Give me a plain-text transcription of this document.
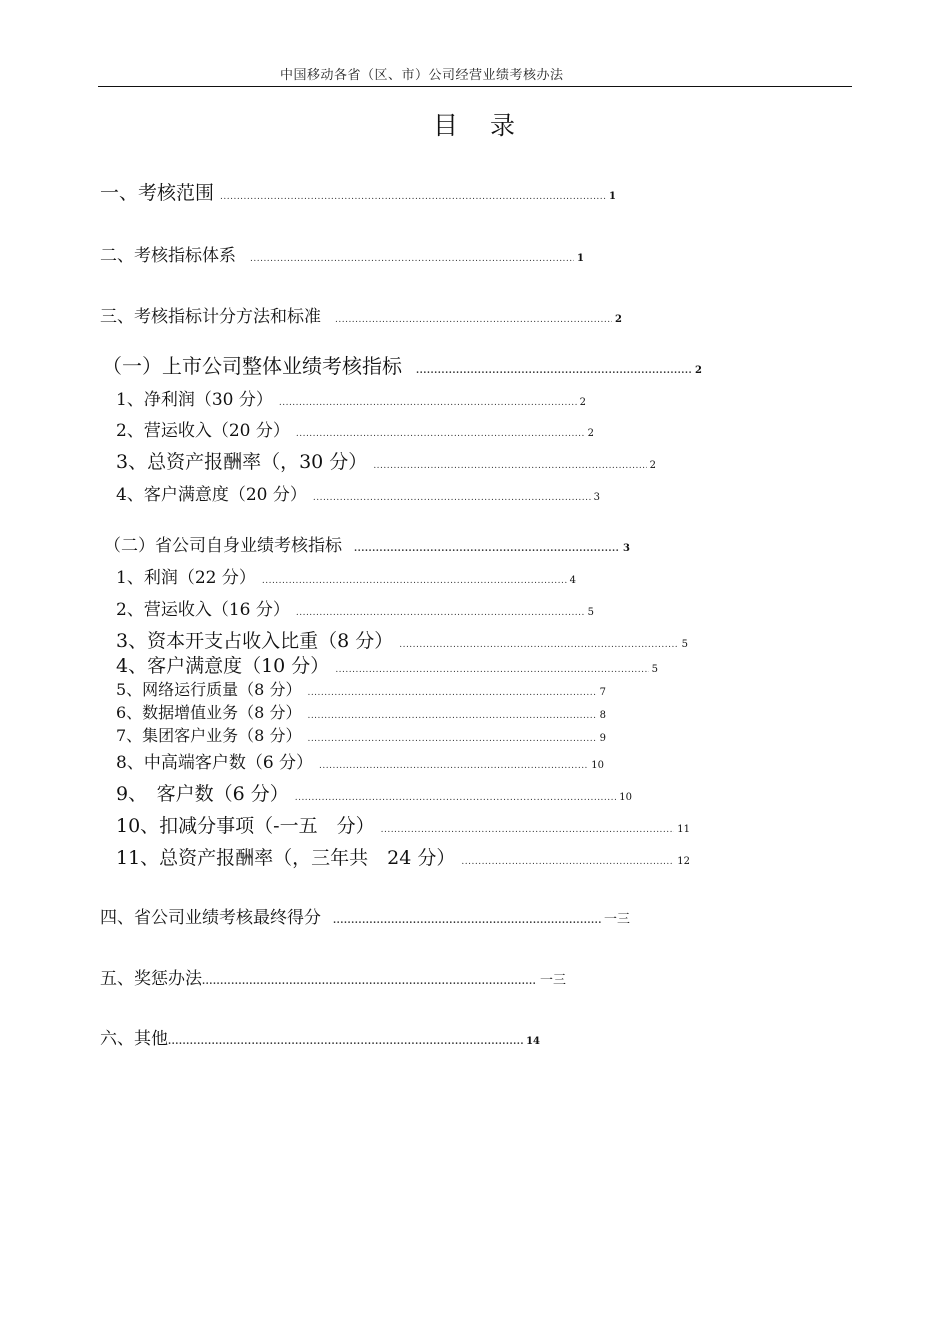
中国移动各省（区、市）公司经营业绩考核办法
目录
一、考核范围 .....	1
二、考核指标体系 .....	1
三、考核指标计分方法和标准 .....	2
（一）上市公司整体业绩考核指标 .....	2
1、净利润（30 分） .....	2
2、营运收入（20 分） .....	2
3、总资产报酬率（，30 分） .....	2
4、客户满意度（20 分） .....	3
（二）省公司自身业绩考核指标 .....	3
1、利润（22 分） .....	4
2、营运收入（16 分） .....	5
3、资本开支占收入比重（8 分） .....	5
4、客户满意度（10 分） .....	5
5、网络运行质量（8 分） .....	7
6、数据增值业务（8 分） .....	8
7、集团客户业务（8 分） .....	9
8、中高端客户数（6 分） .....	10
9、　客户数（6 分） .....	10
10、扣减分事项（-一五　分） .....	11
11、总资产报酬率（，三年共　24 分） .....	12
四、省公司业绩考核最终得分 .....	一三
五、奖惩办法 .....	一三
六、其他 .....	14
